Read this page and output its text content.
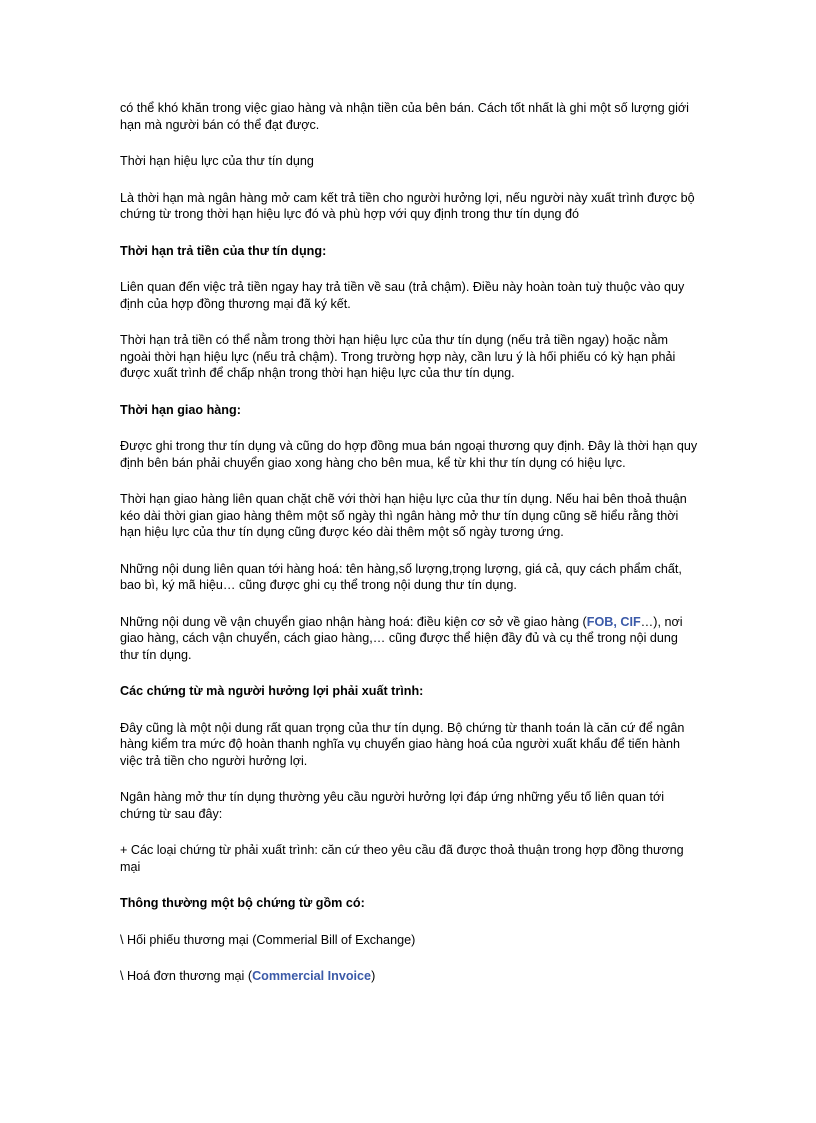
có thể khó khăn trong việc giao hàng và nhận tiền của bên bán. Cách tốt nhất là ghi một số lượng giới hạn mà người bán có thể đạt được.

Thời hạn hiệu lực của thư tín dụng

Là thời hạn mà ngân hàng mở cam kết trả tiền cho người hưởng lợi, nếu người này xuất trình được bộ chứng từ trong thời hạn hiệu lực đó và phù hợp với quy định trong thư tín dụng đó

Thời hạn trả tiền của thư tín dụng:

Liên quan đến việc trả tiền ngay hay trả tiền về sau (trả chậm). Điều này hoàn toàn tuỳ thuộc vào quy định của hợp đồng thương mại đã ký kết.

Thời hạn trả tiền có thể nằm trong thời hạn hiệu lực của thư tín dụng (nếu trả tiền ngay) hoặc nằm ngoài thời hạn hiệu lực (nếu trả chậm). Trong trường hợp này, cần lưu ý là hối phiếu có kỳ hạn phải được xuất trình để chấp nhận trong thời hạn hiệu lực của thư tín dụng.

Thời hạn giao hàng:

Được ghi trong thư tín dụng và cũng do hợp đồng mua bán ngoại thương quy định. Đây là thời hạn quy định bên bán phải chuyển giao xong hàng cho bên mua, kể từ khi thư tín dụng có hiệu lực.

Thời hạn giao hàng liên quan chặt chẽ với thời hạn hiệu lực của thư tín dụng. Nếu hai bên thoả thuận kéo dài thời gian giao hàng thêm một số ngày thì ngân hàng mở thư tín dụng cũng sẽ hiểu rằng thời hạn hiệu lực của thư tín dụng cũng được kéo dài thêm một số ngày tương ứng.

Những nội dung liên quan tới hàng hoá: tên hàng,số lượng,trọng lượng, giá cả, quy cách phẩm chất, bao bì, ký mã hiệu… cũng được ghi cụ thể trong nội dung thư tín dụng.

Những nội dung về vận chuyển giao nhận hàng hoá: điều kiện cơ sở về giao hàng (FOB, CIF…), nơi giao hàng, cách vận chuyển, cách giao hàng,… cũng được thể hiện đầy đủ và cụ thể trong nội dung thư tín dụng.

Các chứng từ mà người hưởng lợi phải xuất trình:

Đây cũng là một nội dung rất quan trọng của thư tín dụng. Bộ chứng từ thanh toán là căn cứ để ngân hàng kiểm tra mức độ hoàn thanh nghĩa vụ chuyển giao hàng hoá của người xuất khẩu để tiến hành việc trả tiền cho người hưởng lợi.

Ngân hàng mở thư tín dụng thường yêu cầu người hưởng lợi đáp ứng những yếu tố liên quan tới chứng từ sau đây:

+ Các loại chứng từ phải xuất trình: căn cứ theo yêu cầu đã được thoả thuận trong hợp đồng thương mại

Thông thường một bộ chứng từ gồm có:

\ Hối phiếu thương mại (Commerial Bill of Exchange)

\ Hoá đơn thương mại (Commercial Invoice)
